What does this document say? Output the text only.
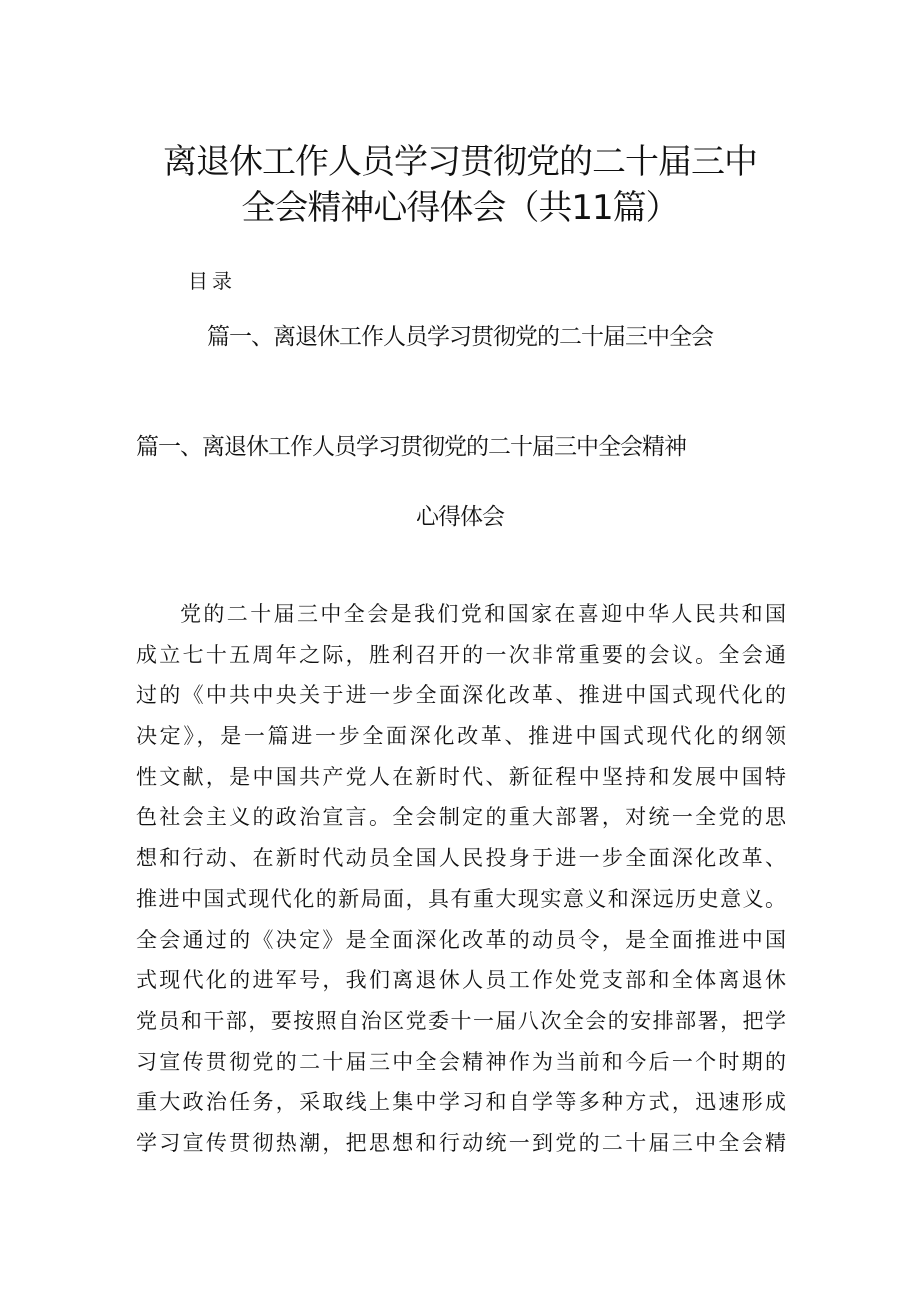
离退休工作人员学习贯彻党的二十届三中
全会精神心得体会（共11篇）
目录
篇一、离退休工作人员学习贯彻党的二十届三中全会
篇一、离退休工作人员学习贯彻党的二十届三中全会精神
心得体会
党的二十届三中全会是我们党和国家在喜迎中华人民共和国
成立七十五周年之际，胜利召开的一次非常重要的会议。全会通
过的《中共中央关于进一步全面深化改革、推进中国式现代化的
决定》，是一篇进一步全面深化改革、推进中国式现代化的纲领
性文献，是中国共产党人在新时代、新征程中坚持和发展中国特
色社会主义的政治宣言。全会制定的重大部署，对统一全党的思
想和行动、在新时代动员全国人民投身于进一步全面深化改革、
推进中国式现代化的新局面，具有重大现实意义和深远历史意义。
全会通过的《决定》是全面深化改革的动员令，是全面推进中国
式现代化的进军号，我们离退休人员工作处党支部和全体离退休
党员和干部，要按照自治区党委十一届八次全会的安排部署，把学
习宣传贯彻党的二十届三中全会精神作为当前和今后一个时期的
重大政治任务，采取线上集中学习和自学等多种方式，迅速形成
学习宣传贯彻热潮，把思想和行动统一到党的二十届三中全会精
